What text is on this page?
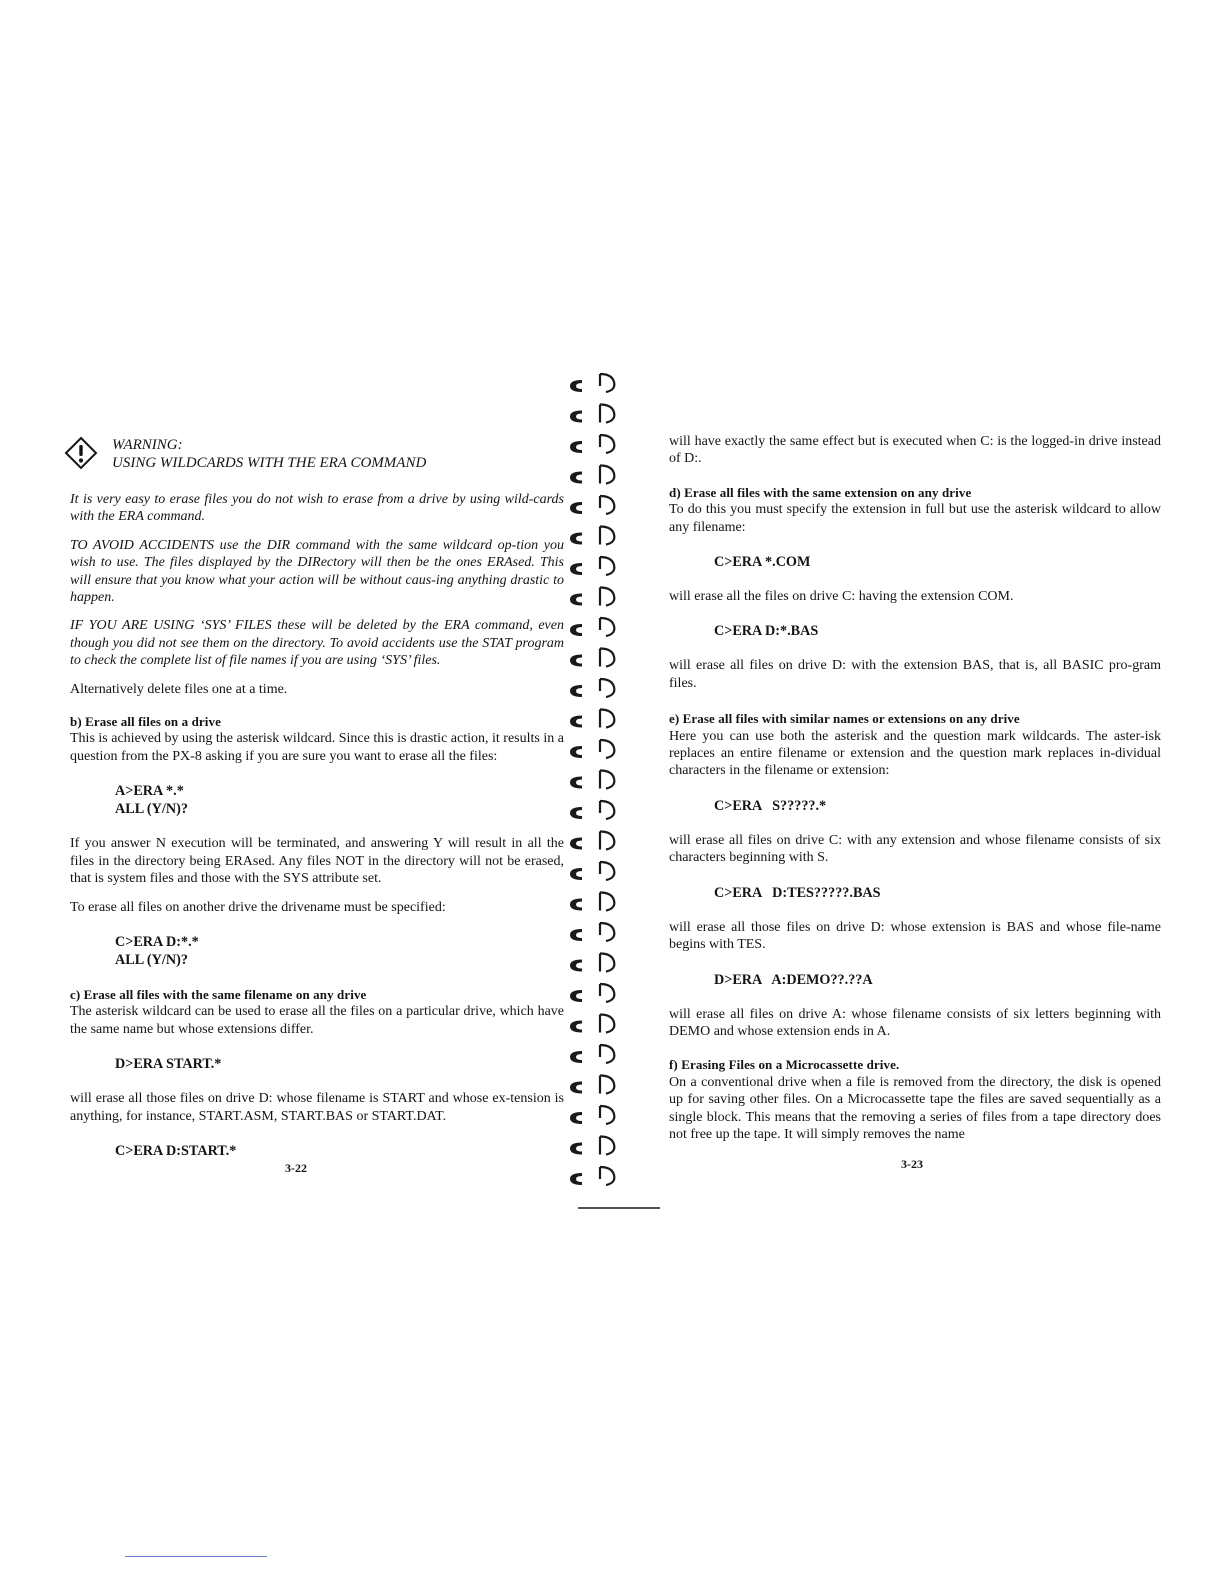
WARNING:
USING WILDCARDS WITH THE ERA COMMAND

It is very easy to erase files you do not wish to erase from a drive by using wild-cards with the ERA command.

TO AVOID ACCIDENTS use the DIR command with the same wildcard op-tion you wish to use. The files displayed by the DIRectory will then be the ones ERAsed. This will ensure that you know what your action will be without caus-ing anything drastic to happen.

IF YOU ARE USING ‘SYS’ FILES these will be deleted by the ERA command, even though you did not see them on the directory. To avoid accidents use the STAT program to check the complete list of file names if you are using ‘SYS’ files.

Alternatively delete files one at a time.

b) Erase all files on a drive

This is achieved by using the asterisk wildcard. Since this is drastic action, it results in a question from the PX-8 asking if you are sure you want to erase all the files:

A>ERA *.*
ALL (Y/N)?

If you answer N execution will be terminated, and answering Y will result in all the files in the directory being ERAsed. Any files NOT in the directory will not be erased, that is system files and those with the SYS attribute set.

To erase all files on another drive the drivename must be specified:

C>ERA D:*.*
ALL (Y/N)?

c) Erase all files with the same filename on any drive

The asterisk wildcard can be used to erase all the files on a particular drive, which have the same name but whose extensions differ.

D>ERA START.*

will erase all those files on drive D: whose filename is START and whose ex-tension is anything, for instance, START.ASM, START.BAS or START.DAT.

C>ERA D:START.*
3-22

will have exactly the same effect but is executed when C: is the logged-in drive instead of D:.

d) Erase all files with the same extension on any drive

To do this you must specify the extension in full but use the asterisk wildcard to allow any filename:

C>ERA *.COM

will erase all the files on drive C: having the extension COM.

C>ERA D:*.BAS

will erase all files on drive D: with the extension BAS, that is, all BASIC pro-gram files.

e) Erase all files with similar names or extensions on any drive

Here you can use both the asterisk and the question mark wildcards. The aster-isk replaces an entire filename or extension and the question mark replaces in-dividual characters in the filename or extension:

C>ERA   S?????.*

will erase all files on drive C: with any extension and whose filename consists of six characters beginning with S.

C>ERA   D:TES?????.BAS

will erase all those files on drive D: whose extension is BAS and whose file-name begins with TES.

D>ERA   A:DEMO??.??A

will erase all files on drive A: whose filename consists of six letters beginning with DEMO and whose extension ends in A.

f) Erasing Files on a Microcassette drive.

On a conventional drive when a file is removed from the directory, the disk is opened up for saving other files. On a Microcassette tape the files are saved sequentially as a single block. This means that the removing a series of files from a tape directory does not free up the tape. It will simply removes the name

3-23
